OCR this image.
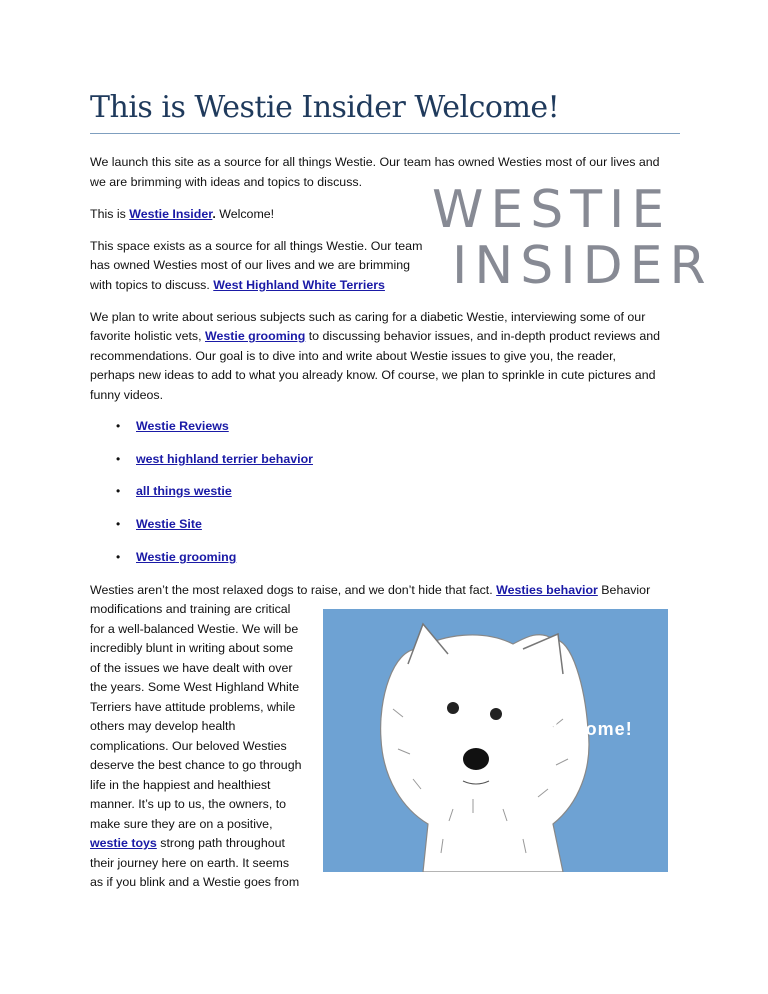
This is Westie Insider Welcome!
WESTIE
INSIDER
Welcome!
We launch this site as a source for all things Westie. Our team has owned Westies most of our lives and
we are brimming with ideas and topics to discuss.
This is Westie Insider. Welcome!
This space exists as a source for all things Westie. Our team
has owned Westies most of our lives and we are brimming
with topics to discuss. West Highland White Terriers
We plan to write about serious subjects such as caring for a diabetic Westie, interviewing some of our
favorite holistic vets, Westie grooming to discussing behavior issues, and in-depth product reviews and
recommendations. Our goal is to dive into and write about Westie issues to give you, the reader,
perhaps new ideas to add to what you already know. Of course, we plan to sprinkle in cute pictures and
funny videos.
Westies aren’t the most relaxed dogs to raise, and we don’t hide that fact. Westies behavior Behavior
modifications and training are critical
for a well-balanced Westie. We will be
incredibly blunt in writing about some
of the issues we have dealt with over
the years. Some West Highland White
Terriers have attitude problems, while
others may develop health
complications. Our beloved Westies
deserve the best chance to go through
life in the happiest and healthiest
manner. It’s up to us, the owners, to
make sure they are on a positive,
westie toys strong path throughout
their journey here on earth. It seems
as if you blink and a Westie goes from
• Westie Reviews
• west highland terrier behavior
• all things westie
• Westie Site
• Westie grooming
